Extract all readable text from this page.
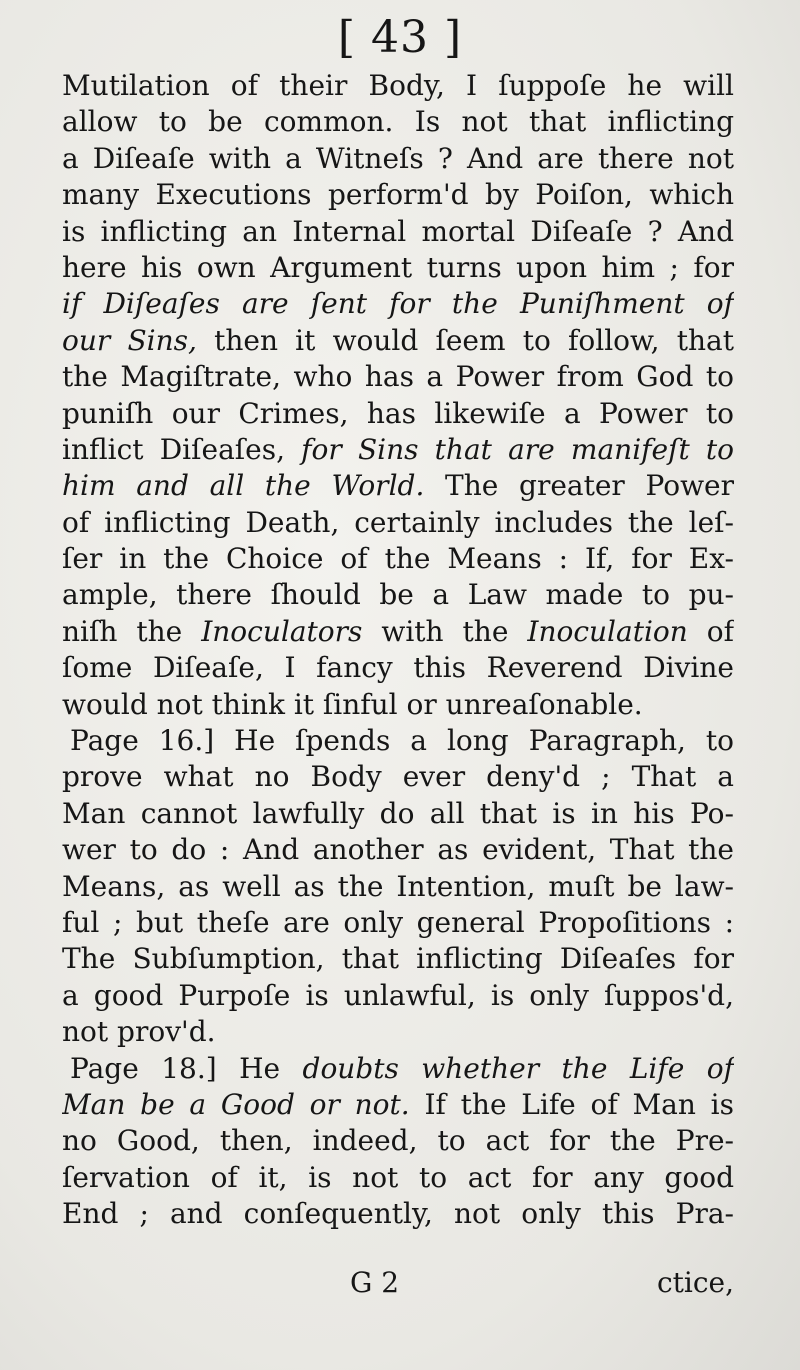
[ 43 ]
Mutilation of their Body, I ſuppoſe he will
allow to be common. Is not that inflicting
a Diſeaſe with a Witneſs ? And are there not
many Executions perform'd by Poiſon, which
is inflicting an Internal mortal Diſeaſe ? And
here his own Argument turns upon him ; for
if Diſeaſes are ſent for the Puniſhment of
our Sins, then it would ſeem to follow, that
the Magiſtrate, who has a Power from God to
puniſh our Crimes, has likewiſe a Power to
inflict Diſeaſes, for Sins that are manifeſt to
him and all the World. The greater Power
of inflicting Death, certainly includes the leſ-
ſer in the Choice of the Means : If, for Ex-
ample, there ſhould be a Law made to pu-
niſh the Inoculators with the Inoculation of
ſome Diſeaſe, I fancy this Reverend Divine
would not think it ſinful or unreaſonable.
Page 16.] He ſpends a long Paragraph, to
prove what no Body ever deny'd ; That a
Man cannot lawfully do all that is in his Po-
wer to do : And another as evident, That the
Means, as well as the Intention, muſt be law-
ful ; but theſe are only general Propoſitions :
The Subſumption, that inflicting Diſeaſes for
a good Purpoſe is unlawful, is only ſuppos'd,
not prov'd.
Page 18.] He doubts whether the Life of
Man be a Good or not. If the Life of Man is
no Good, then, indeed, to act for the Pre-
ſervation of it, is not to act for any good
End ; and conſequently, not only this Pra-
G 2	ctice,
